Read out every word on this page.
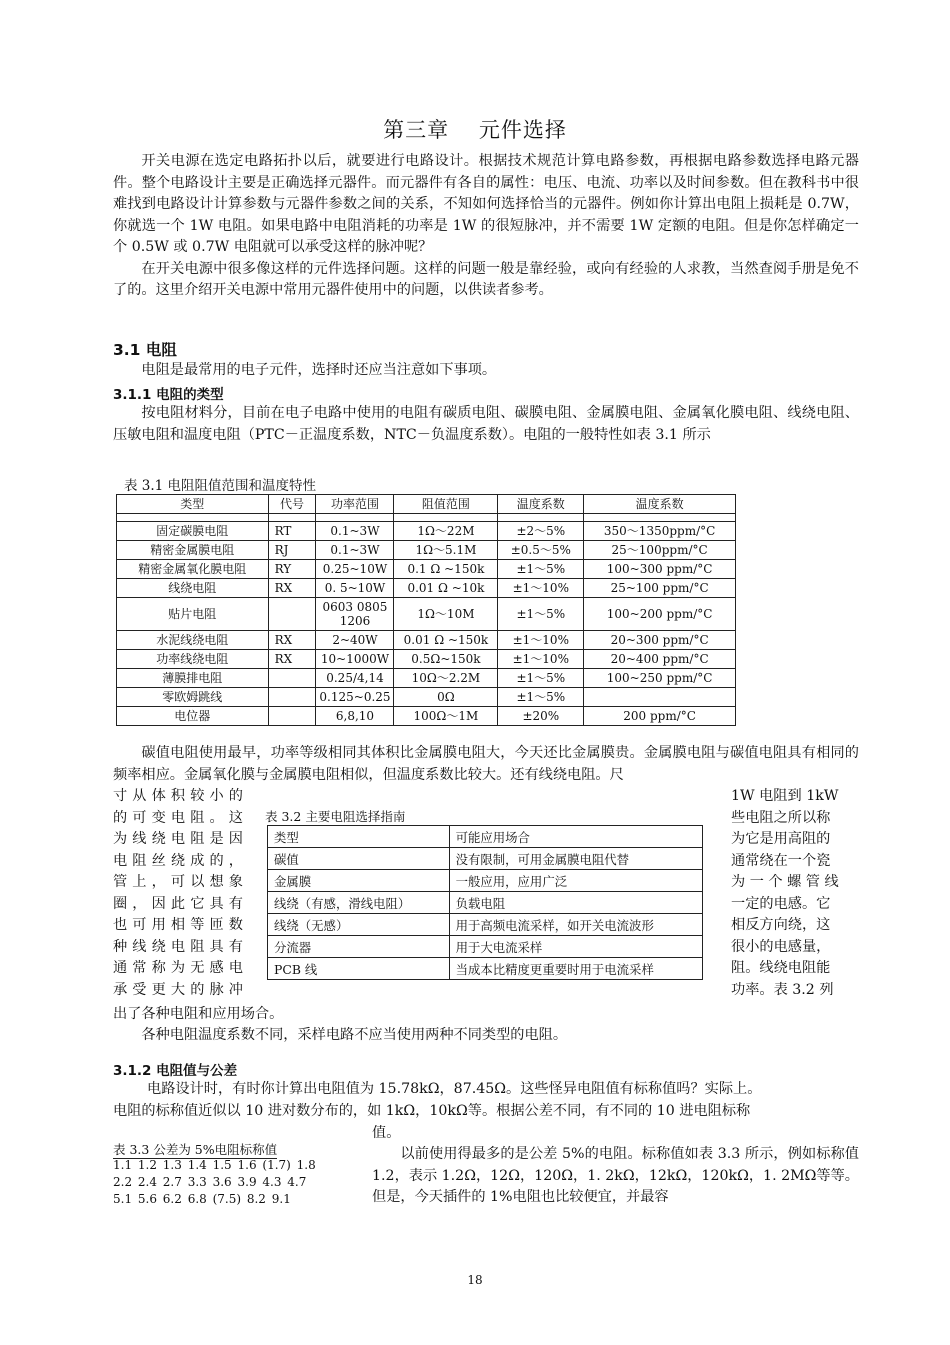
第三章　 元件选择

开关电源在选定电路拓扑以后，就要进行电路设计。根据技术规范计算电路参数，再根据电路参数选择电路元器件。整个电路设计主要是正确选择元器件。而元器件有各自的属性：电压、电流、功率以及时间参数。但在教科书中很难找到电路设计计算参数与元器件参数之间的关系，不知如何选择恰当的元器件。例如你计算出电阻上损耗是 0.7W，你就选一个 1W 电阻。如果电路中电阻消耗的功率是 1W 的很短脉冲，并不需要 1W 定额的电阻。但是你怎样确定一个 0.5W 或 0.7W 电阻就可以承受这样的脉冲呢？

在开关电源中很多像这样的元件选择问题。这样的问题一般是靠经验，或向有经验的人求教，当然查阅手册是免不了的。这里介绍开关电源中常用元器件使用中的问题，以供读者参考。

3.1 电阻

电阻是最常用的电子元件，选择时还应当注意如下事项。

3.1.1 电阻的类型

按电阻材料分，目前在电子电路中使用的电阻有碳质电阻、碳膜电阻、金属膜电阻、金属氧化膜电阻、线绕电阻、压敏电阻和温度电阻（PTC－正温度系数，NTC－负温度系数）。电阻的一般特性如表 3.1 所示

表 3.1 电阻阻值范围和温度特性
类型	代号	功率范围	阻值范围	温度系数	温度系数

固定碳膜电阻	RT	0.1~3W	1Ω～22M	±2～5%	350～1350ppm/°C
精密金属膜电阻	RJ	0.1~3W	1Ω～5.1M	±0.5～5%	25～100ppm/°C
精密金属氧化膜电阻	RY	0.25~10W	0.1 Ω ~150k	±1～5%	100~300 ppm/°C
线绕电阻	RX	0. 5~10W	0.01 Ω ~10k	±1～10%	25~100 ppm/°C
贴片电阻		0603 0805 1206	1Ω～10M	±1～5%	100~200 ppm/°C
水泥线绕电阻	RX	2~40W	0.01 Ω ~150k	±1～10%	20~300 ppm/°C
功率线绕电阻	RX	10~1000W	0.5Ω~150k	±1～10%	20~400 ppm/°C
薄膜排电阻		0.25/4,14	10Ω～2.2M	±1～5%	100~250 ppm/°C
零欧姆跳线		0.125~0.25	0Ω	±1～5%	
电位器		6,8,10	100Ω～1M	±20%	200 ppm/°C

碳值电阻使用最早，功率等级相同其体积比金属膜电阻大，今天还比金属膜贵。金属膜电阻与碳值电阻具有相同的频率相应。金属氧化膜与金属膜电阻相似，但温度系数比较大。还有线绕电阻。尺

寸从体积较小的
的可变电阻。这
为线绕电阻是因
电阻丝绕成的，
管上，可以想象
圈，因此它具有
也可用相等匝数
种线绕电阻具有
通常称为无感电
承受更大的脉冲
1W 电阻到 1kW
些电阻之所以称
为它是用高阻的
通常绕在一个瓷
为 一 个 螺 管 线
一定的电感。它
相反方向绕，这
很小的电感量，
阻。线绕电阻能
功率。表 3.2 列
表 3.2 主要电阻选择指南
类型	可能应用场合
碳值	没有限制，可用金属膜电阻代替
金属膜	一般应用，应用广泛
线绕（有感，滑线电阻）	负载电阻
线绕（无感）	用于高频电流采样，如开关电流波形
分流器	用于大电流采样
PCB 线	当成本比精度更重要时用于电流采样
出了各种电阻和应用场合。

各种电阻温度系数不同，采样电路不应当使用两种不同类型的电阻。

3.1.2 电阻值与公差
电路设计时，有时你计算出电阻值为 15.78kΩ，87.45Ω。这些怪异电阻值有标称值吗？实际上。
电阻的标称值近似以 10 进对数分布的，如 1kΩ，10kΩ等。根据公差不同，有不同的 10 进电阻标称
值。
表 3.3 公差为 5%电阻标称值
1.1 1.2 1.3 1.4 1.5 1.6 (1.7) 1.8
2.2 2.4 2.7 3.3 3.6 3.9 4.3 4.7
5.1 5.6 6.2 6.8 (7.5) 8.2 9.1

以前使用得最多的是公差 5%的电阻。标称值如表 3.3 所示，例如标称值 1.2，表示 1.2Ω，12Ω，120Ω，1. 2kΩ，12kΩ，120kΩ，1. 2MΩ等等。但是，今天插件的 1%电阻也比较便宜，并最容

18
